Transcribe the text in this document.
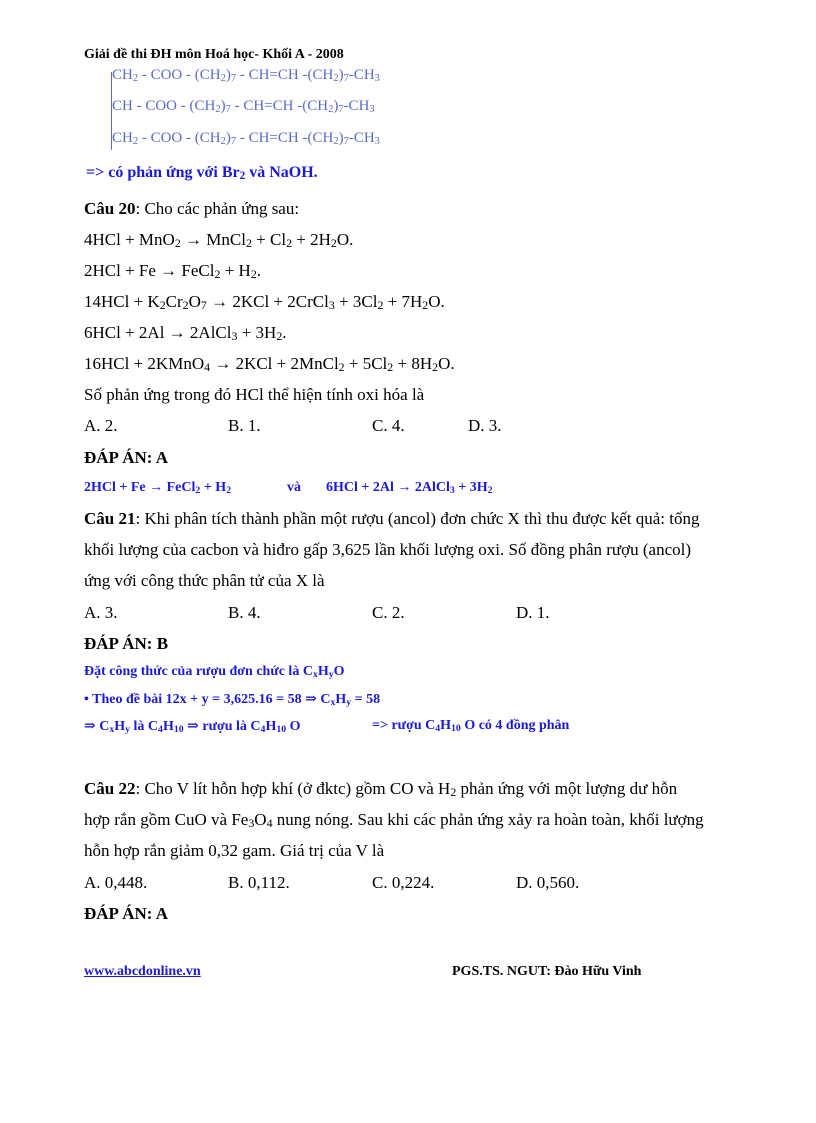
Giải đề thi ĐH môn Hoá học- Khối A - 2008
$CH_2$ - COO - $(CH_2)_7 - CH=CH$ $-(CH_2)_7-CH_3$
CH - COO - $(CH_2)_7 - CH=CH$ $-(CH_2)_7-CH_3$
$CH_2$ - COO - $(CH_2)_7 - CH=CH$ $-(CH_2)_7-CH_3$
=> có phản ứng với $Br_2$ và NaOH.
Câu 20: Cho các phản ứng sau:
4HCl + MnO$_2$ → MnCl$_2$ + $Cl_2 + 2H_2O$.
2HCl + Fe → FeCl$_2$ + $H_2$.
$14HCl + K_2Cr_2O_7 \to 2KCl$ + 2CrCl$_3$ + $3Cl_2 + 7H_2O$.
6HCl + 2Al → 2AlCl$_3$ + $3H_2$.
16HCl + 2KMnO$_4$ → 2KCl + 2MnCl$_2$ + $5Cl_2 + 8H_2O$.
Số phản ứng trong đó HCl thể hiện tính oxi hóa là
A. 2.	B. 1.	C. 4.	D. 3.
ĐÁP ÁN: A
2HCl + Fe → FeCl$_2$ + $H_2$	và 6HCl + 2Al → 2AlCl$_3$ + $3H_2$
Câu 21: Khi phân tích thành phần một rượu (ancol) đơn chức X thì thu được kết quả: tổng
khối lượng của cacbon và hiđro gấp 3,625 lần khối lượng oxi. Số đồng phân rượu (ancol)
ứng với công thức phân tử của X là
A. 3.	B. 4.	C. 2.	D. 1.
ĐÁP ÁN: B
Đặt công thức của rượu đơn chức là $C_xH_yO$
• Theo đề bài 12x + y = 3,625.16 = 58 ⇒ $C_xH_y = 58$
⇒ $C_xH_y$ là $C_4H_{10}$ ⇒ rượu là $C_4H_{10}$ O	=> rượu $C_4H_{10}$ O có 4 đồng phân
Câu 22: Cho V lít hỗn hợp khí (ở đktc) gồm CO và $H_2$ phản ứng với một lượng dư hỗn
hợp rắn gồm CuO và $Fe_3O_4$ nung nóng. Sau khi các phản ứng xảy ra hoàn toàn, khối lượng
hỗn hợp rắn giảm 0,32 gam. Giá trị của V là
A. 0,448.	B. 0,112.	C. 0,224.	D. 0,560.
ĐÁP ÁN: A
www.abcdonline.vn	PGS.TS. NGUT: Đào Hữu Vinh
